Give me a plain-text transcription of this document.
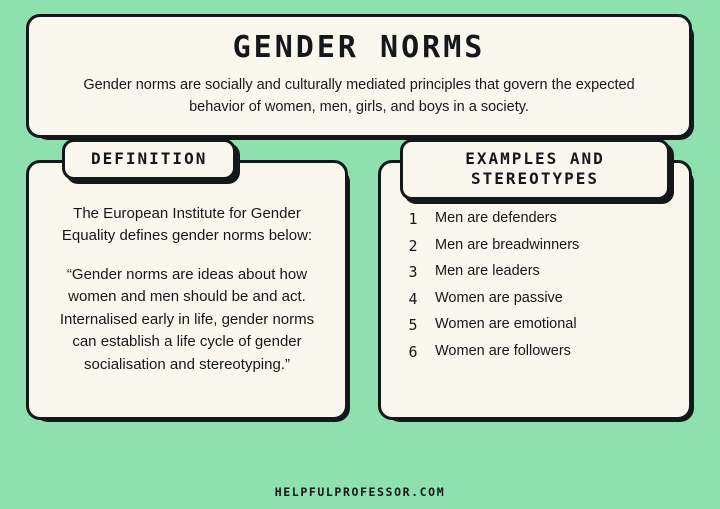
GENDER NORMS
Gender norms are socially and culturally mediated principles that govern the expected behavior of women, men, girls, and boys in a society.
DEFINITION

The European Institute for Gender Equality defines gender norms below:

“Gender norms are ideas about how women and men should be and act. Internalised early in life, gender norms can establish a life cycle of gender socialisation and stereotyping.”

EXAMPLES AND
STEREOTYPES
1 Men are defenders
2 Men are breadwinners
3 Men are leaders
4 Women are passive
5 Women are emotional
6 Women are followers
HELPFULPROFESSOR.COM
